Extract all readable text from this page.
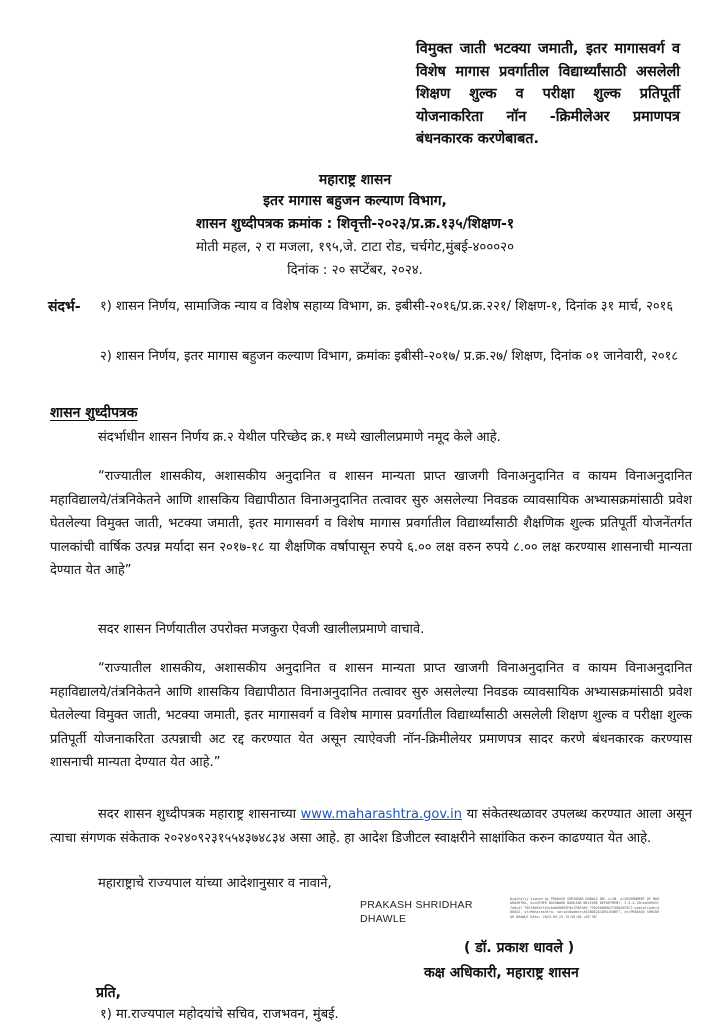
विमुक्त जाती भटक्या जमाती, इतर मागासवर्ग व विशेष मागास प्रवर्गातील विद्यार्थ्यांसाठी असलेली शिक्षण शुल्क व परीक्षा शुल्क प्रतिपूर्ती योजनाकरिता नॉन -क्रिमीलेअर प्रमाणपत्र बंधनकारक करणेबाबत.
महाराष्ट्र शासन
इतर मागास बहुजन कल्याण विभाग,
शासन शुध्दीपत्रक क्रमांक : शिवृत्ती-२०२३/प्र.क्र.१३५/शिक्षण-१
मोती महल, २ रा मजला, १९५,जे. टाटा रोड, चर्चगेट,मुंबई-४०००२०
दिनांक : २० सप्टेंबर, २०२४.
संदर्भ- १) शासन निर्णय, सामाजिक न्याय व विशेष सहाय्य विभाग, क्र. इबीसी-२०१६/प्र.क्र.२२१/ शिक्षण-१, दिनांक ३१ मार्च, २०१६
२) शासन निर्णय, इतर मागास बहुजन कल्याण विभाग, क्रमांकः इबीसी-२०१७/ प्र.क्र.२७/ शिक्षण, दिनांक ०१ जानेवारी, २०१८
शासन शुध्दीपत्रक
संदर्भाधीन शासन निर्णय क्र.२ येथील परिच्छेद क्र.१ मध्ये खालीलप्रमाणे नमूद केले आहे.
“राज्यातील शासकीय, अशासकीय अनुदानित व शासन मान्यता प्राप्त खाजगी विनाअनुदानित व कायम विनाअनुदानित महाविद्यालये/तंत्रनिकेतने आणि शासकिय विद्यापीठात विनाअनुदानित तत्वावर सुरु असलेल्या निवडक व्यावसायिक अभ्यासक्रमांसाठी प्रवेश घेतलेल्या विमुक्त जाती, भटक्या जमाती, इतर मागासवर्ग व विशेष मागास प्रवर्गातील विद्यार्थ्यांसाठी शैक्षणिक शुल्क प्रतिपूर्ती योजनेंतर्गत पालकांची वार्षिक उत्पन्न मर्यादा सन २०१७-१८ या शैक्षणिक वर्षापासून रुपये ६.०० लक्ष वरुन रुपये ८.०० लक्ष करण्यास शासनाची मान्यता देण्यात येत आहे”
सदर शासन निर्णयातील उपरोक्त मजकुरा ऐवजी खालीलप्रमाणे वाचावे.
“राज्यातील शासकीय, अशासकीय अनुदानित व शासन मान्यता प्राप्त खाजगी विनाअनुदानित व कायम विनाअनुदानित महाविद्यालये/तंत्रनिकेतने आणि शासकिय विद्यापीठात विनाअनुदानित तत्वावर सुरु असलेल्या निवडक व्यावसायिक अभ्यासक्रमांसाठी प्रवेश घेतलेल्या विमुक्त जाती, भटक्या जमाती, इतर मागासवर्ग व विशेष मागास प्रवर्गातील विद्यार्थ्यांसाठी असलेली शिक्षण शुल्क व परीक्षा शुल्क प्रतिपूर्ती योजनाकरिता उत्पन्नाची अट रद्द करण्यात येत असून त्याऐवजी नॉन-क्रिमीलेयर प्रमाणपत्र सादर करणे बंधनकारक करण्यास शासनाची मान्यता देण्यात येत आहे.”
सदर शासन शुध्दीपत्रक महाराष्ट्र शासनाच्या www.maharashtra.gov.in या संकेतस्थळावर उपलब्ध करण्यात आला असून त्याचा संगणक संकेताक २०२४०९२३१५५४३७४८३४ असा आहे. हा आदेश डिजीटल स्वाक्षरीने साक्षांकित करुन काढण्यात येत आहे.
महाराष्ट्राचे राज्यपाल यांच्या आदेशानुसार व नावाने,
PRAKASH SHRIDHAR
DHAWLE
Digitally signed by PRAKASH SHRIDHAR DHAWLE DN: c=IN, o=GOVERNMENT OF MAHARASHTRA, ou=OTHER BACKWARD BAHUJAN WELFARE DEPARTMENT, 2.5.4.20=ea3d9e5f7a6c47 785f8b9e7fe2c6a0d9893F6e7F8E9A9 7992E6DB9A7C5DB49F5C3 postalCode=400032, st=Maharashtra, serialNumber=A5CB0E2A1D9A1E0BF7, cn=PRAKASH SHRIDHAR DHAWLE Date: 2024.09.23 15:56:08 +05'30'
( डॉ. प्रकाश धावले )
कक्ष अधिकारी, महाराष्ट्र शासन
प्रति,
१) मा.राज्यपाल महोदयांचे सचिव, राजभवन, मुंबई.
